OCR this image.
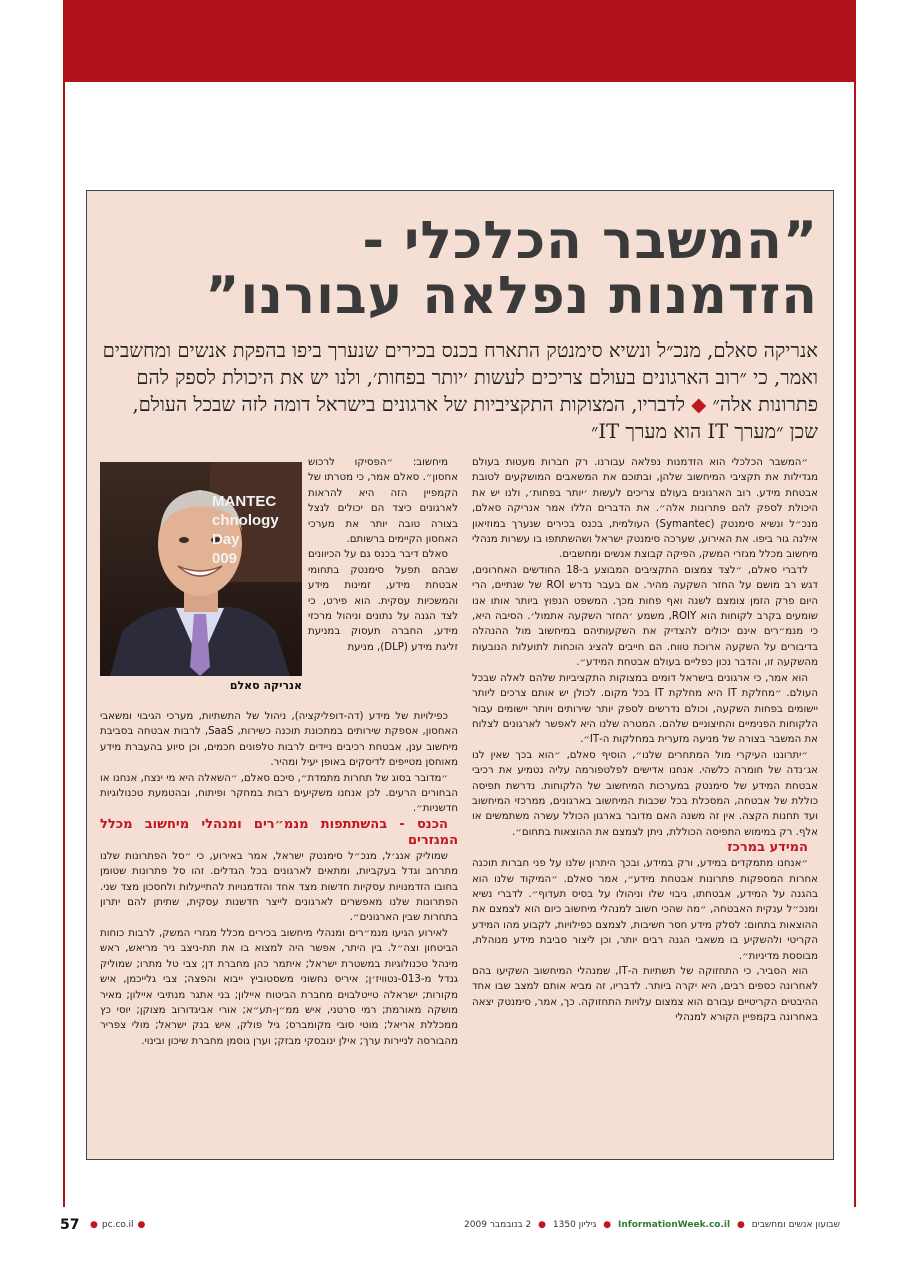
”המשבר הכלכלי -
הזדמנות נפלאה עבורנו”

אנריקה סאלם, מנכ״ל ונשיא סימנטק התארח בכנס בכירים שנערך ביפו בהפקת אנשים ומחשבים ואמר, כי ״רוב הארגונים בעולם צריכים לעשות ׳יותר בפחות׳, ולנו יש את היכולת לספק להם פתרונות אלה״ ◆ לדבריו, המצוקות התקציביות של ארגונים בישראל דומה לזה שבכל העולם, שכן ״מערך IT הוא מערך IT״

MANTEC
chnology Day
009
אנריקה סאלם

״המשבר הכלכלי הוא הזדמנות נפלאה עבורנו. רק חברות מעטות בעולם מגדילות את תקציבי המיחשוב שלהן, ובתוכם את המשאבים המושקעים לטובת אבטחת מידע. רוב הארגונים בעולם צריכים לעשות ׳יותר בפחות׳, ולנו יש את היכולת לספק להם פתרונות אלה״. את הדברים הללו אמר אנריקה סאלם, מנכ״ל ונשיא סימנטק (Symantec) העולמית, בכנס בכירים שנערך במוזיאון אילנה גור ביפו. את האירוע, שערכה סימנטק ישראל ושהשתתפו בו עשרות מנהלי מיחשוב מכלל מגזרי המשק, הפיקה קבוצת אנשים ומחשבים.

לדברי סאלם, ״לצד צמצום התקציבים המבוצע ב-18 החודשים האחרונים, דגש רב מושם על החזר השקעה מהיר. אם בעבר נדרש ROI של שנתיים, הרי היום פרק הזמן צומצם לשנה ואף פחות מכך. המשפט הנפוץ ביותר אותו אנו שומעים בקרב לקוחות הוא ROIY, משמע ׳החזר השקעה אתמול׳. הסיבה היא, כי מנמ״רים אינם יכולים להצדיק את השקעותיהם במיחשוב מול ההנהלה בדיבורים על השקעה ארוכת טווח. הם חייבים להציג הוכחות לתועלות הנובעות מהשקעה זו, והדבר נכון כפליים בעולם אבטחת המידע״.

הוא אמר, כי ארגונים בישראל דומים במצוקות התקציביות שלהם לאלה שבכל העולם. ״מחלקת IT היא מחלקת IT בכל מקום. לכולן יש אותם צרכים ליותר יישומים בפחות השקעה, וכולם נדרשים לספק יותר שירותים ויותר יישומים עבור הלקוחות הפנימיים והחיצוניים שלהם. המטרה שלנו היא לאפשר לארגונים לצלוח את המשבר בצורה של מניעה מזערית במחלקות ה-IT״.

״יתרוננו העיקרי מול המתחרים שלנו״, הוסיף סאלם, ״הוא בכך שאין לנו אג׳נדה של חומרה כלשהי. אנחנו אדישים לפלטפורמה עליה נטמיע את רכיבי אבטחת המידע של סימנטק במערכות המיחשוב של הלקוחות. נדרשת תפיסה כוללת של אבטחה, המסכלת בכל שכבות המיחשוב בארגונים, ממרכזי המיחשוב ועד תחנות הקצה. אין זה משנה האם מדובר בארגון הכולל עשרה משתמשים או אלף. רק במימוש התפיסה הכוללת, ניתן לצמצם את ההוצאות בתחום״.

המידע במרכז

״אנחנו מתמקדים במידע, ורק במידע, ובכך היתרון שלנו על פני חברות תוכנה אחרות המספקות פתרונות אבטחת מידע״, אמר סאלם. ״המיקוד שלנו הוא בהגנה על המידע, אבטחתו, גיבוי שלו וניהולו על בסיס תעדוף״. לדברי נשיא ומנכ״ל ענקית האבטחה, ״מה שהכי חשוב למנהלי מיחשוב כיום הוא לצמצם את ההוצאות בתחום: לסלק מידע חסר חשיבות, לצמצם כפילויות, לקבוע מהו המידע הקריטי ולהשקיע בו משאבי הגנה רבים יותר, וכן ליצור סביבת מידע מנוהלת, מבוססת מדיניות״.

הוא הסביר, כי התחזוקה של תשתיות ה-IT, שמנהלי המיחשוב השקיעו בהם לאחרונה כספים רבים, היא יקרה ביותר. לדבריו, זה מביא אותם למצב שבו אחד ההיבטים הקריטיים עבורם הוא צמצום עלויות התחזוקה. כך, אמר, סימנטק יצאה באחרונה בקמפיין הקורא למנהלי

מיחשוב: ״הפסיקו לרכוש אחסון״. סאלם אמר, כי מטרתו של הקמפיין הזה היא להראות לארגונים כיצד הם יכולים לנצל בצורה טובה יותר את מערכי האחסון הקיימים ברשותם.

סאלם דיבר בכנס גם על הכיוונים שבהם תפעל סימנטק בתחומי אבטחת מידע, זמינות מידע והמשכיות עסקית. הוא פירט, כי לצד הגנה על נתונים וניהול מרכזי מידע, החברה תעסוק במניעת זליגת מידע (DLP), מניעת

כפילויות של מידע (דה-דופליקציה), ניהול של התשתיות, מערכי הגיבוי ומשאבי האחסון, אספקת שירותים במתכונת תוכנה כשירות, SaaS, לרבות אבטחה בסביבת מיחשוב ענן, אבטחת רכיבים ניידים לרבות טלפונים חכמים, וכן סיוע בהעברת מידע מאוחסן מטייפים לדיסקים באופן יעיל ומהיר.

״מדובר בסוג של תחרות מתמדת״, סיכם סאלם, ״השאלה היא מי ינצח, אנחנו או הבחורים הרעים. לכן אנחנו משקיעים רבות במחקר ופיתוח, ובהטמעת טכנולוגיות חדשניות״.

הכנס - בהשתתפות מנמ״רים ומנהלי מיחשוב מכלל המגזרים

שמוליק אנג׳ל, מנכ״ל סימנטק ישראל, אמר באירוע, כי ״סל הפתרונות שלנו מתרחב וגדל בעקביות, ומתאים לארגונים בכל הגדלים. זהו סל פתרונות שטומן בחובו הזדמנויות עסקיות חדשות מצד אחד והזדמנויות להתייעלות ולחסכון מצד שני. הפתרונות שלנו מאפשרים לארגונים לייצר חדשנות עסקית, שתיתן להם יתרון בתחרות שבין הארגונים״.

לאירוע הגיעו מנמ״רים ומנהלי מיחשוב בכירים מכלל מגזרי המשק, לרבות כוחות הביטחון וצה״ל. בין היתר, אפשר היה למצוא בו את תת-ניצב ניר מריאש, ראש מינהל טכנולוגיות במשטרת ישראל; איתמר כהן מחברת דן; צבי טל מתרו; שמוליק גנדל מ-013-נטוויז׳ן; איריס נחשוני משסטוביץ ייבוא והפצה; צבי גלייכמן, איש מקורות; ישראלה טייטלבוים מחברת הביטוח איילון; בני אתגר מנתיבי איילון; מאיר מושקה מאורמת; רמי סרטני, איש ממ״ן-תע״א; אורי אביגדורוב מצוקן; יוסי כץ ממכללת אריאל; מוטי סובי מקומברס; גיל פולק, איש בנק ישראל; מולי צפריר מהבורסה לניירות ערך; אילן ינובסקי מבזק; וערן גוסמן מחברת שיכון ובינוי.

שבועון אנשים ומחשבים ● InformationWeek.co.il ● גיליון 1350 ● 2 בנובמבר 2009
● pc.co.il ●
57
